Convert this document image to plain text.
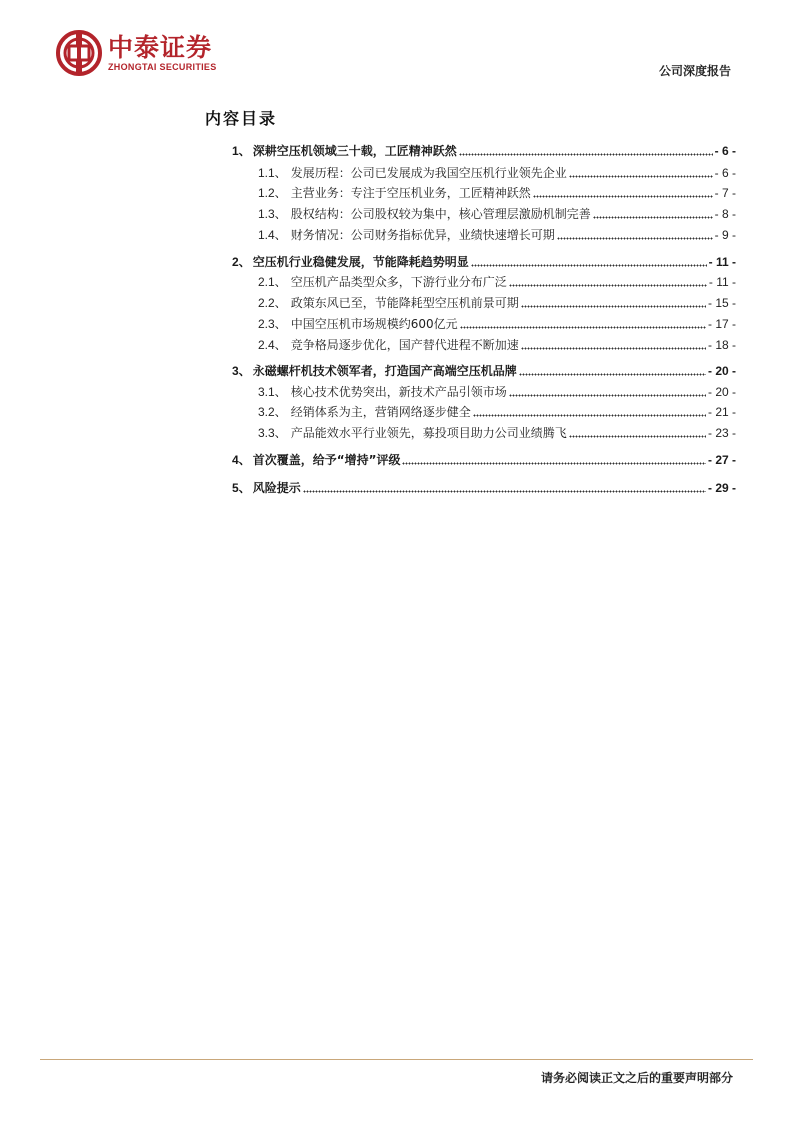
中泰证券
ZHONGTAI SECURITIES	公司深度报告
内容目录
1、 深耕空压机领域三十载，工匠精神跃然	- 6 -
1.1、 发展历程：公司已发展成为我国空压机行业领先企业	- 6 -
1.2、 主营业务：专注于空压机业务，工匠精神跃然	- 7 -
1.3、 股权结构：公司股权较为集中，核心管理层激励机制完善	- 8 -
1.4、 财务情况：公司财务指标优异，业绩快速增长可期	- 9 -
2、 空压机行业稳健发展，节能降耗趋势明显	- 11 -
2.1、 空压机产品类型众多，下游行业分布广泛	- 11 -
2.2、 政策东风已至，节能降耗型空压机前景可期	- 15 -
2.3、 中国空压机市场规模约600亿元	- 17 -
2.4、 竞争格局逐步优化，国产替代进程不断加速	- 18 -
3、 永磁螺杆机技术领军者，打造国产高端空压机品牌	- 20 -
3.1、 核心技术优势突出，新技术产品引领市场	- 20 -
3.2、 经销体系为主，营销网络逐步健全	- 21 -
3.3、 产品能效水平行业领先，募投项目助力公司业绩腾飞	- 23 -
4、 首次覆盖，给予“增持”评级	- 27 -
5、 风险提示	- 29 -
请务必阅读正文之后的重要声明部分
